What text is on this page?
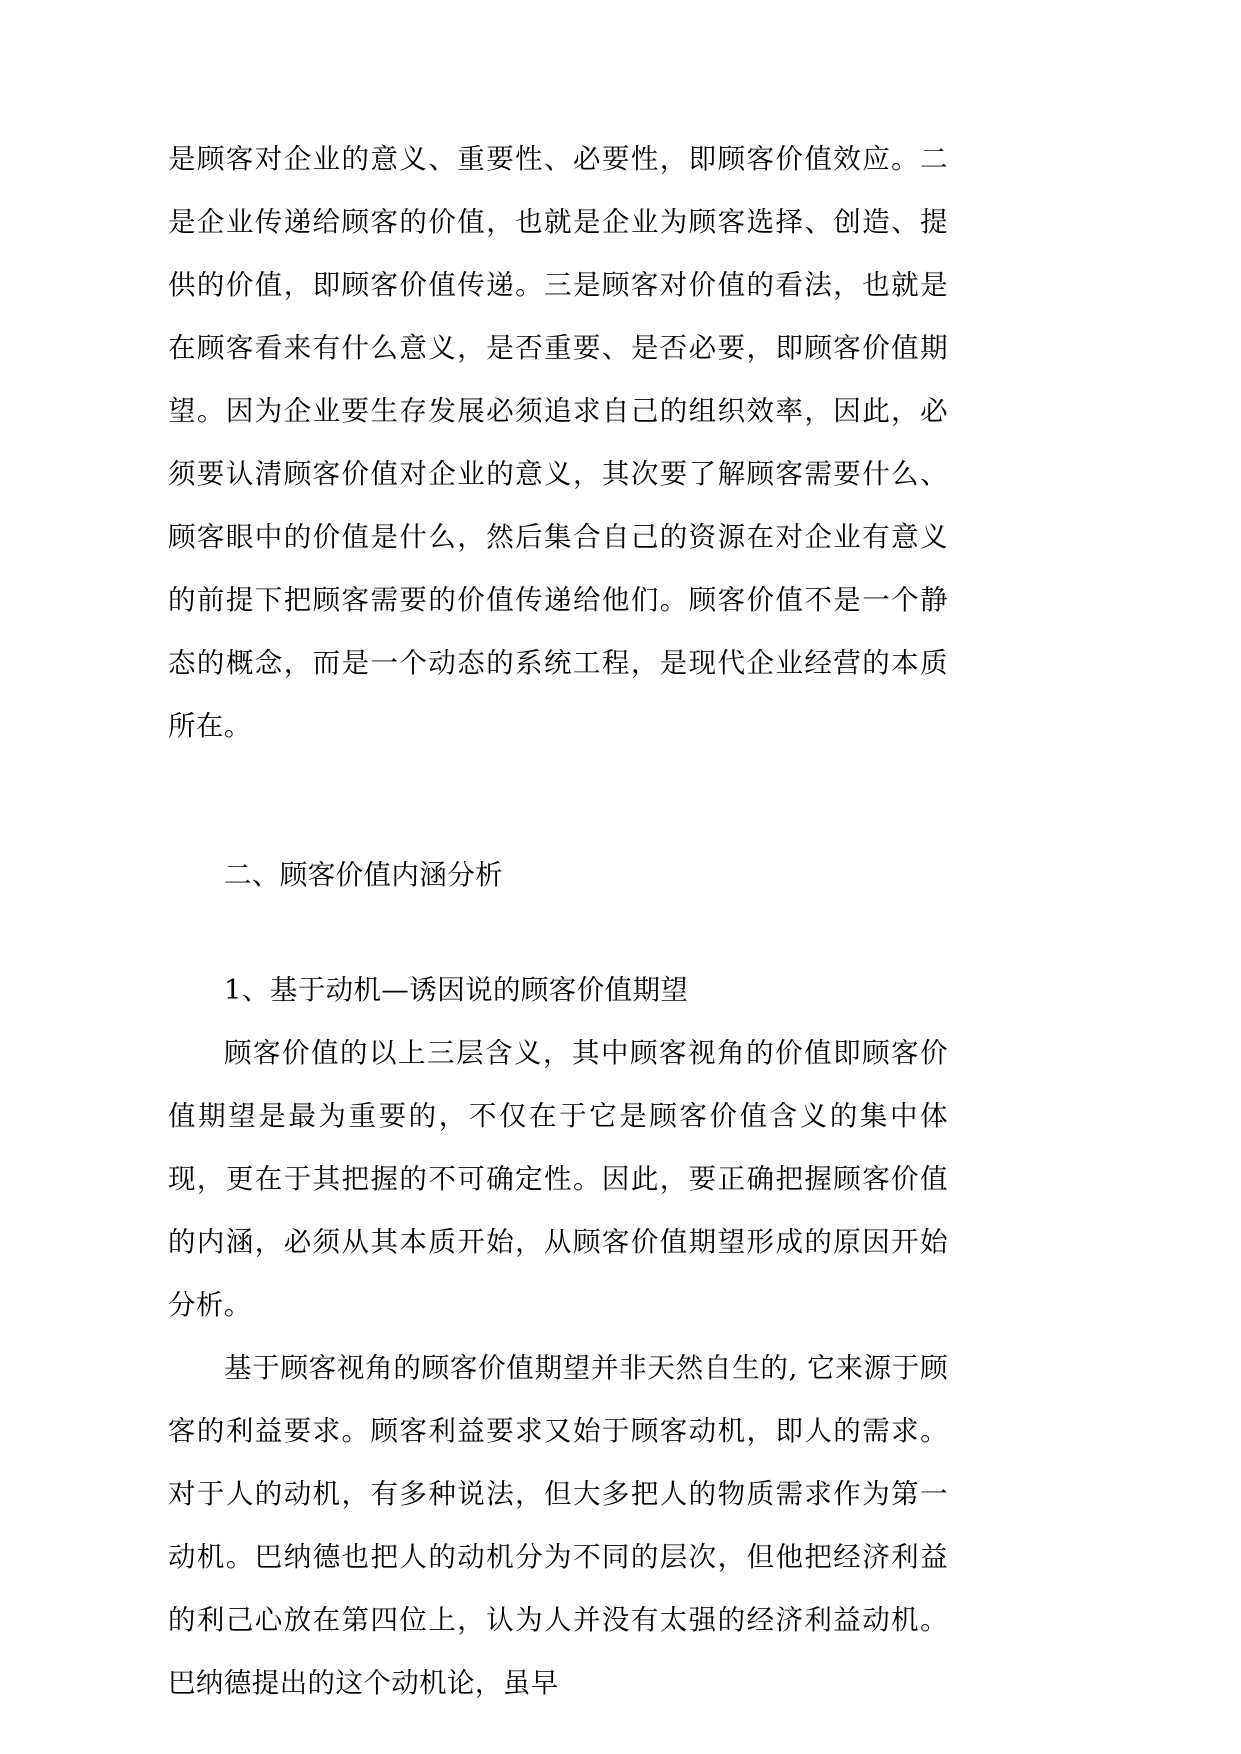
是顾客对企业的意义、重要性、必要性，即顾客价值效应。二是企业传递给顾客的价值，也就是企业为顾客选择、创造、提供的价值，即顾客价值传递。三是顾客对价值的看法，也就是在顾客看来有什么意义，是否重要、是否必要，即顾客价值期望。因为企业要生存发展必须追求自己的组织效率，因此，必须要认清顾客价值对企业的意义，其次要了解顾客需要什么、顾客眼中的价值是什么，然后集合自己的资源在对企业有意义的前提下把顾客需要的价值传递给他们。顾客价值不是一个静态的概念，而是一个动态的系统工程，是现代企业经营的本质所在。

二、顾客价值内涵分析

1、基于动机—诱因说的顾客价值期望

顾客价值的以上三层含义，其中顾客视角的价值即顾客价值期望是最为重要的，不仅在于它是顾客价值含义的集中体现，更在于其把握的不可确定性。因此，要正确把握顾客价值的内涵，必须从其本质开始，从顾客价值期望形成的原因开始分析。

基于顾客视角的顾客价值期望并非天然自生的, 它来源于顾客的利益要求。顾客利益要求又始于顾客动机，即人的需求。对于人的动机，有多种说法，但大多把人的物质需求作为第一动机。巴纳德也把人的动机分为不同的层次，但他把经济利益的利己心放在第四位上，认为人并没有太强的经济利益动机。巴纳德提出的这个动机论，虽早
